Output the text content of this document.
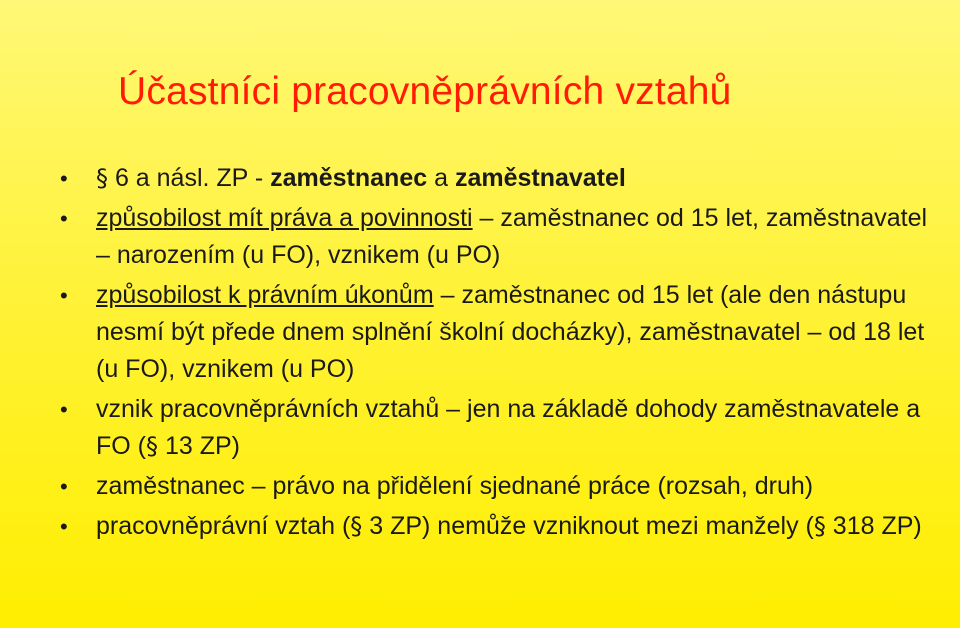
Účastníci pracovněprávních vztahů
•	§ 6 a násl. ZP - zaměstnanec a zaměstnavatel
•	způsobilost mít práva a povinnosti – zaměstnanec od 15 let, zaměstnavatel – narozením (u FO), vznikem (u PO)
•	způsobilost k právním úkonům – zaměstnanec od 15 let (ale den nástupu nesmí být přede dnem splnění školní docházky), zaměstnavatel – od 18 let (u FO), vznikem (u PO)
•	vznik pracovněprávních vztahů – jen na základě dohody zaměstnavatele a FO (§ 13 ZP)
•	zaměstnanec – právo na přidělení sjednané práce (rozsah, druh)
•	pracovněprávní vztah (§ 3 ZP) nemůže vzniknout mezi manžely (§ 318 ZP)
